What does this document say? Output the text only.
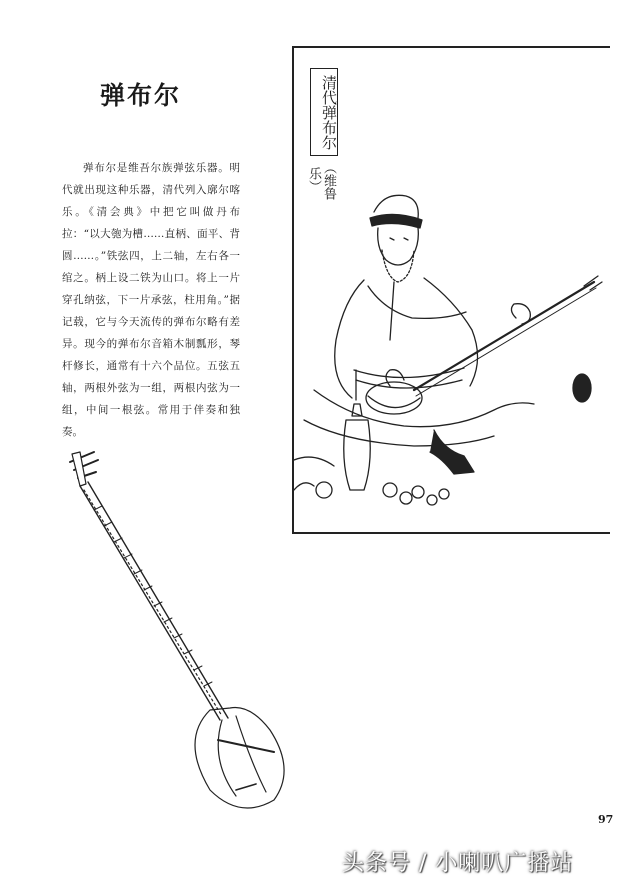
弹布尔

弹布尔是维吾尔族弹弦乐器。明代就出现这种乐器，清代列入廓尔喀乐。《清会典》中把它叫做丹布拉：“以大匏为槽……直柄、面平、背圆……。”铁弦四，上二轴，左右各一绾之。柄上设二铁为山口。将上一片穿孔纳弦，下一片承弦，柱用角。”据记载，它与今天流传的弹布尔略有差异。现今的弹布尔音箱木制瓢形，琴杆修长，通常有十六个品位。五弦五轴，两根外弦为一组，两根内弦为一组，中间一根弦。常用于伴奏和独奏。

清代弹布尔
（维鲁乐）
97
头条号 / 小喇叭广播站
